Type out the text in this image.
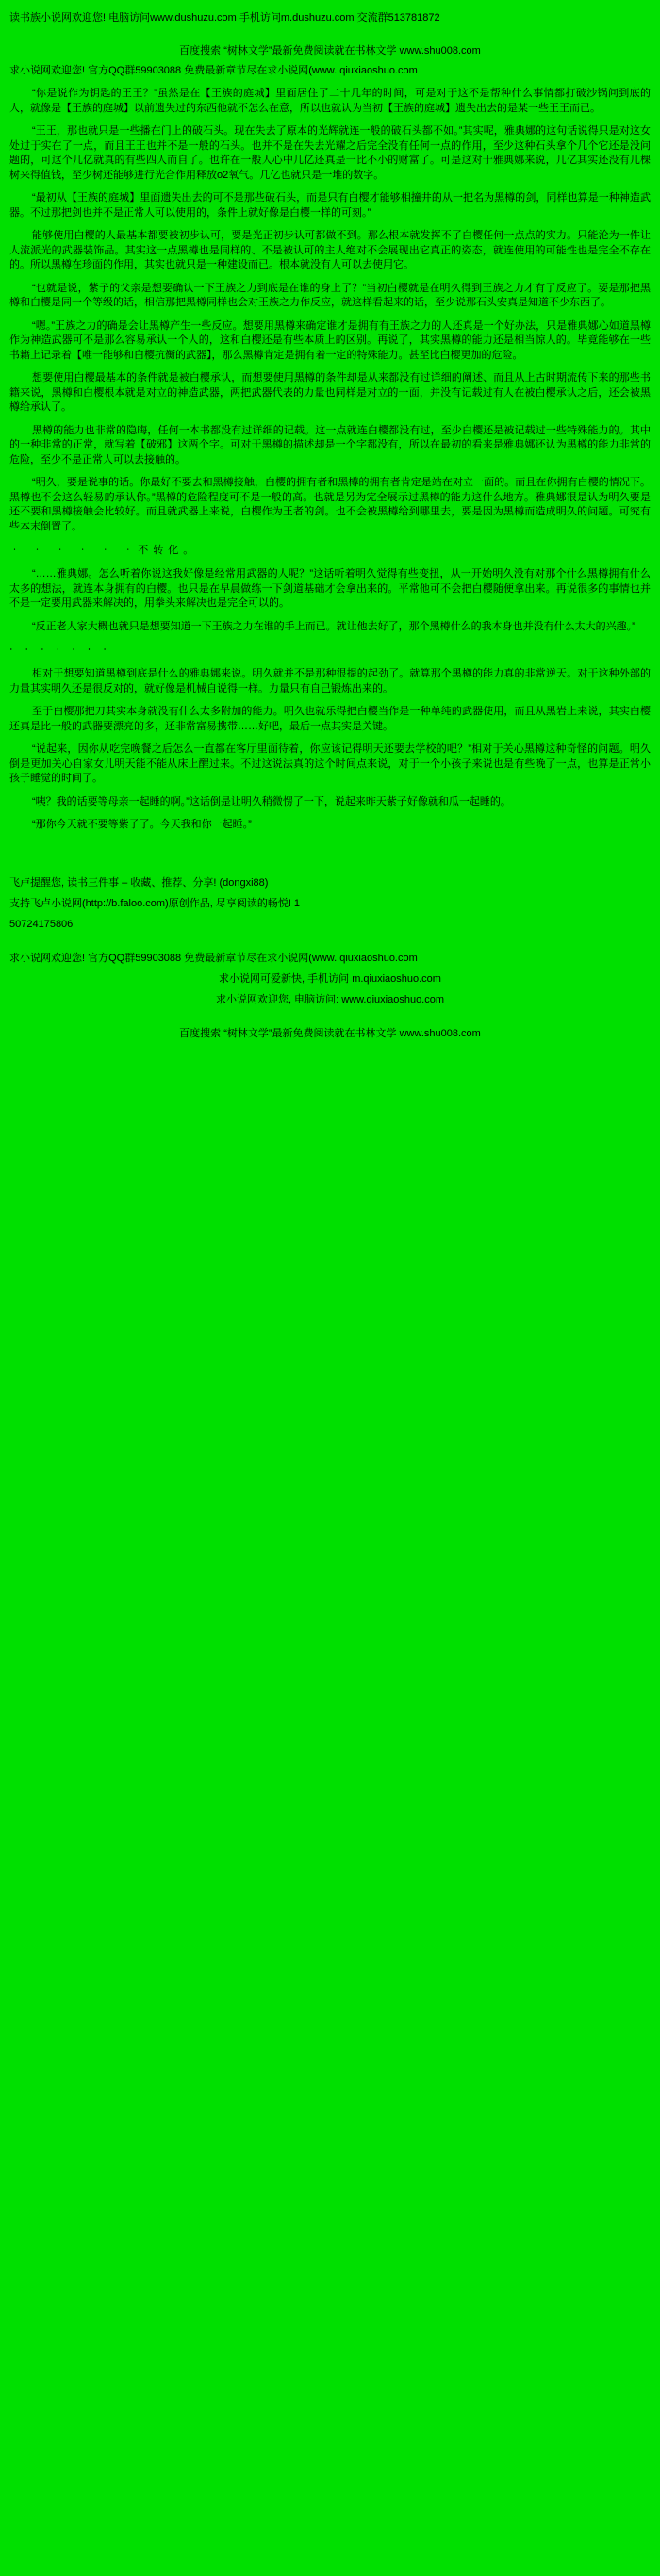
读书族小说网欢迎您! 电脑访问www.dushuzu.com 手机访问m.dushuzu.com 交流群513781872
百度搜索 “树林文学”最新免费阅读就在书林文学 www.shu008.com
求小说网欢迎您! 官方QQ群59903088 免费最新章节尽在求小说网(www. qiuxiaoshuo.com
“你是说作为钥匙的王王？”虽然是在【王族的庭城】里面居住了二十几年的时间，可是对于这不是帮种什么事情都打破沙锅问到底的人，就像是【王族的庭城】以前遗失过的东西他就不怎么在意，所以也就认为当初【王族的庭城】遗失出去的是某一些王王而已。
“王王，那也就只是一些播在门上的破石头。现在失去了原本的光辉就连一般的破石头都不如。”其实呢，雅典娜的这句话说得只是对这女处过于实在了一点，而且王王也并不是一般的石头。也并不是在失去光耀之后完全没有任何一点的作用，至少这种石头拿个几个它还是没问题的，可这个几亿就真的有些四人而自了。也许在一般人心中几亿还真是一比不小的财富了。可是这对于雅典娜来说，几亿其实还没有几棵树来得值钱，至少树还能够进行光合作用释放o2氧气。几亿也就只是一堆的数字。
“最初从【王族的庭城】里面遗失出去的可不是那些破石头，而是只有白樱才能够相撞井的从一把名为黑樽的剑，同样也算是一种神造武器。不过那把剑也并不是正常人可以使用的，条件上就好像是白樱一样的可刻。”
能够使用白樱的人最基本都要被初步认可，要是光正初步认可都做不到。那么根本就发挥不了白樱任何一点点的实力。只能沦为一件让人流派光的武器装饰品。其实这一点黑樽也是同样的、不是被认可的主人绝对不会展现出它真正的姿态，就连使用的可能性也是完全不存在的。所以黑樽在珍面的作用，其实也就只是一种建设而已。根本就没有人可以去使用它。
“也就是说，紫子的父亲是想要确认一下王族之力到底是在谁的身上了？”当初白樱就是在明久得到王族之力才有了反应了。要是那把黑樽和白樱是同一个等级的话，相信那把黑樽同样也会对王族之力作反应，就这样看起来的话，至少说那石头安真是知道不少东西了。
“嗯。”王族之力的确是会让黑樽产生一些反应。想要用黑樽来确定谁才是拥有有王族之力的人还真是一个好办法，只是雅典娜心如道黑樽作为神造武器可不是那么容易承认一个人的，这和白樱还是有些本质上的区别。再说了，其实黑樽的能力还是相当惊人的。毕竟能够在一些书籍上记录着【唯一能够和白樱抗衡的武器】，那么黑樽肯定是拥有着一定的特殊能力。甚至比白樱更加的危险。
想要使用白樱最基本的条件就是被白樱承认，而想要使用黑樽的条件却是从来都没有过详细的阐述、而且从上古时期流传下来的那些书籍来说，黑樽和白樱根本就是对立的神造武器，两把武器代表的力量也同样是对立的一面，并没有记载过有人在被白樱承认之后，还会被黑樽给承认了。
黑樽的能力也非常的隐晦，任何一本书都没有过详细的记载。这一点就连白樱都没有过，至少白樱还是被记载过一些特殊能力的。其中的一种非常的正常，就写着【破邪】这两个字。可对于黑樽的描述却是一个字都没有，所以在最初的看来是雅典娜还认为黑樽的能力非常的危险，至少不是正常人可以去接触的。
“明久，要是说事的话。你最好不要去和黑樽接触，白樱的拥有者和黑樽的拥有者肯定是站在对立一面的。而且在你拥有白樱的情况下。黑樽也不会这么轻易的承认你。”黑樽的危险程度可不是一般的高。也就是另为完全展示过黑樽的能力这什么地方。雅典娜很是认为明久要是还不要和黑樽接触会比较好。而且就武器上来说，白樱作为王者的剑。也不会被黑樽给到哪里去，要是因为黑樽而造成明久的问题。可究有些本末倒置了。
‧ ‧ ‧ ‧ ‧ ‧不转化。
“……雅典娜。怎么听着你说这我好像是经常用武器的人呢？”这话听着明久觉得有些变扭，从一开始明久没有对那个什么黑樽拥有什么太多的想法，就连本身拥有的白樱。也只是在早晨做练一下剑道基础才会拿出来的。平常他可不会把白樱随便拿出来。再说很多的事情也并不是一定要用武器来解决的，用拳头来解决也是完全可以的。
“反正老人家大概也就只是想要知道一下王族之力在谁的手上而已。就让他去好了，那个黑樽什么的我本身也并没有什么太大的兴趣。”
‧ ‧ ‧ ‧ ‧ ‧ ‧
相对于想要知道黑樽到底是什么的雅典娜来说。明久就并不是那种很提的起劲了。就算那个黑樽的能力真的非常逆天。对于这种外部的力量其实明久还是很反对的，就好像是机械自说得一样。力量只有自己锻炼出来的。
至于白樱那把刀其实本身就没有什么太多附加的能力。明久也就乐得把白樱当作是一种单纯的武器使用，而且从黑岩上来说，其实白樱还真是比一般的武器要漂亮的多，还非常富易携带……好吧，最后一点其实是关键。
“说起来，因你从吃完晚餐之后怎么一直都在客厅里面待着，你应该记得明天还要去学校的吧？”相对于关心黑樽这种奇怪的问题。明久倒是更加关心自家女儿明天能不能从床上醒过来。不过这说法真的这个时间点来说，对于一个小孩子来说也是有些晚了一点，也算是正常小孩子睡觉的时间了。
“咦？我的话要等母亲一起睡的啊。”这话倒是让明久稍微愣了一下，说起来昨天紫子好像就和瓜一起睡的。
“那你今天就不要等紫子了。今天我和你一起睡。”
飞卢提醒您, 读书三件事 – 收藏、推荐、分享! (dongxi88)
支持飞卢小说网(http://b.faloo.com)原创作品, 尽享阅读的畅悦! 1
50724175806
求小说网欢迎您! 官方QQ群59903088 免费最新章节尽在求小说网(www. qiuxiaoshuo.com
求小说网可爱新快, 手机访问 m.qiuxiaoshuo.com
求小说网欢迎您, 电脑访问: www.qiuxiaoshuo.com
百度搜索 “树林文学”最新免费阅读就在书林文学 www.shu008.com
